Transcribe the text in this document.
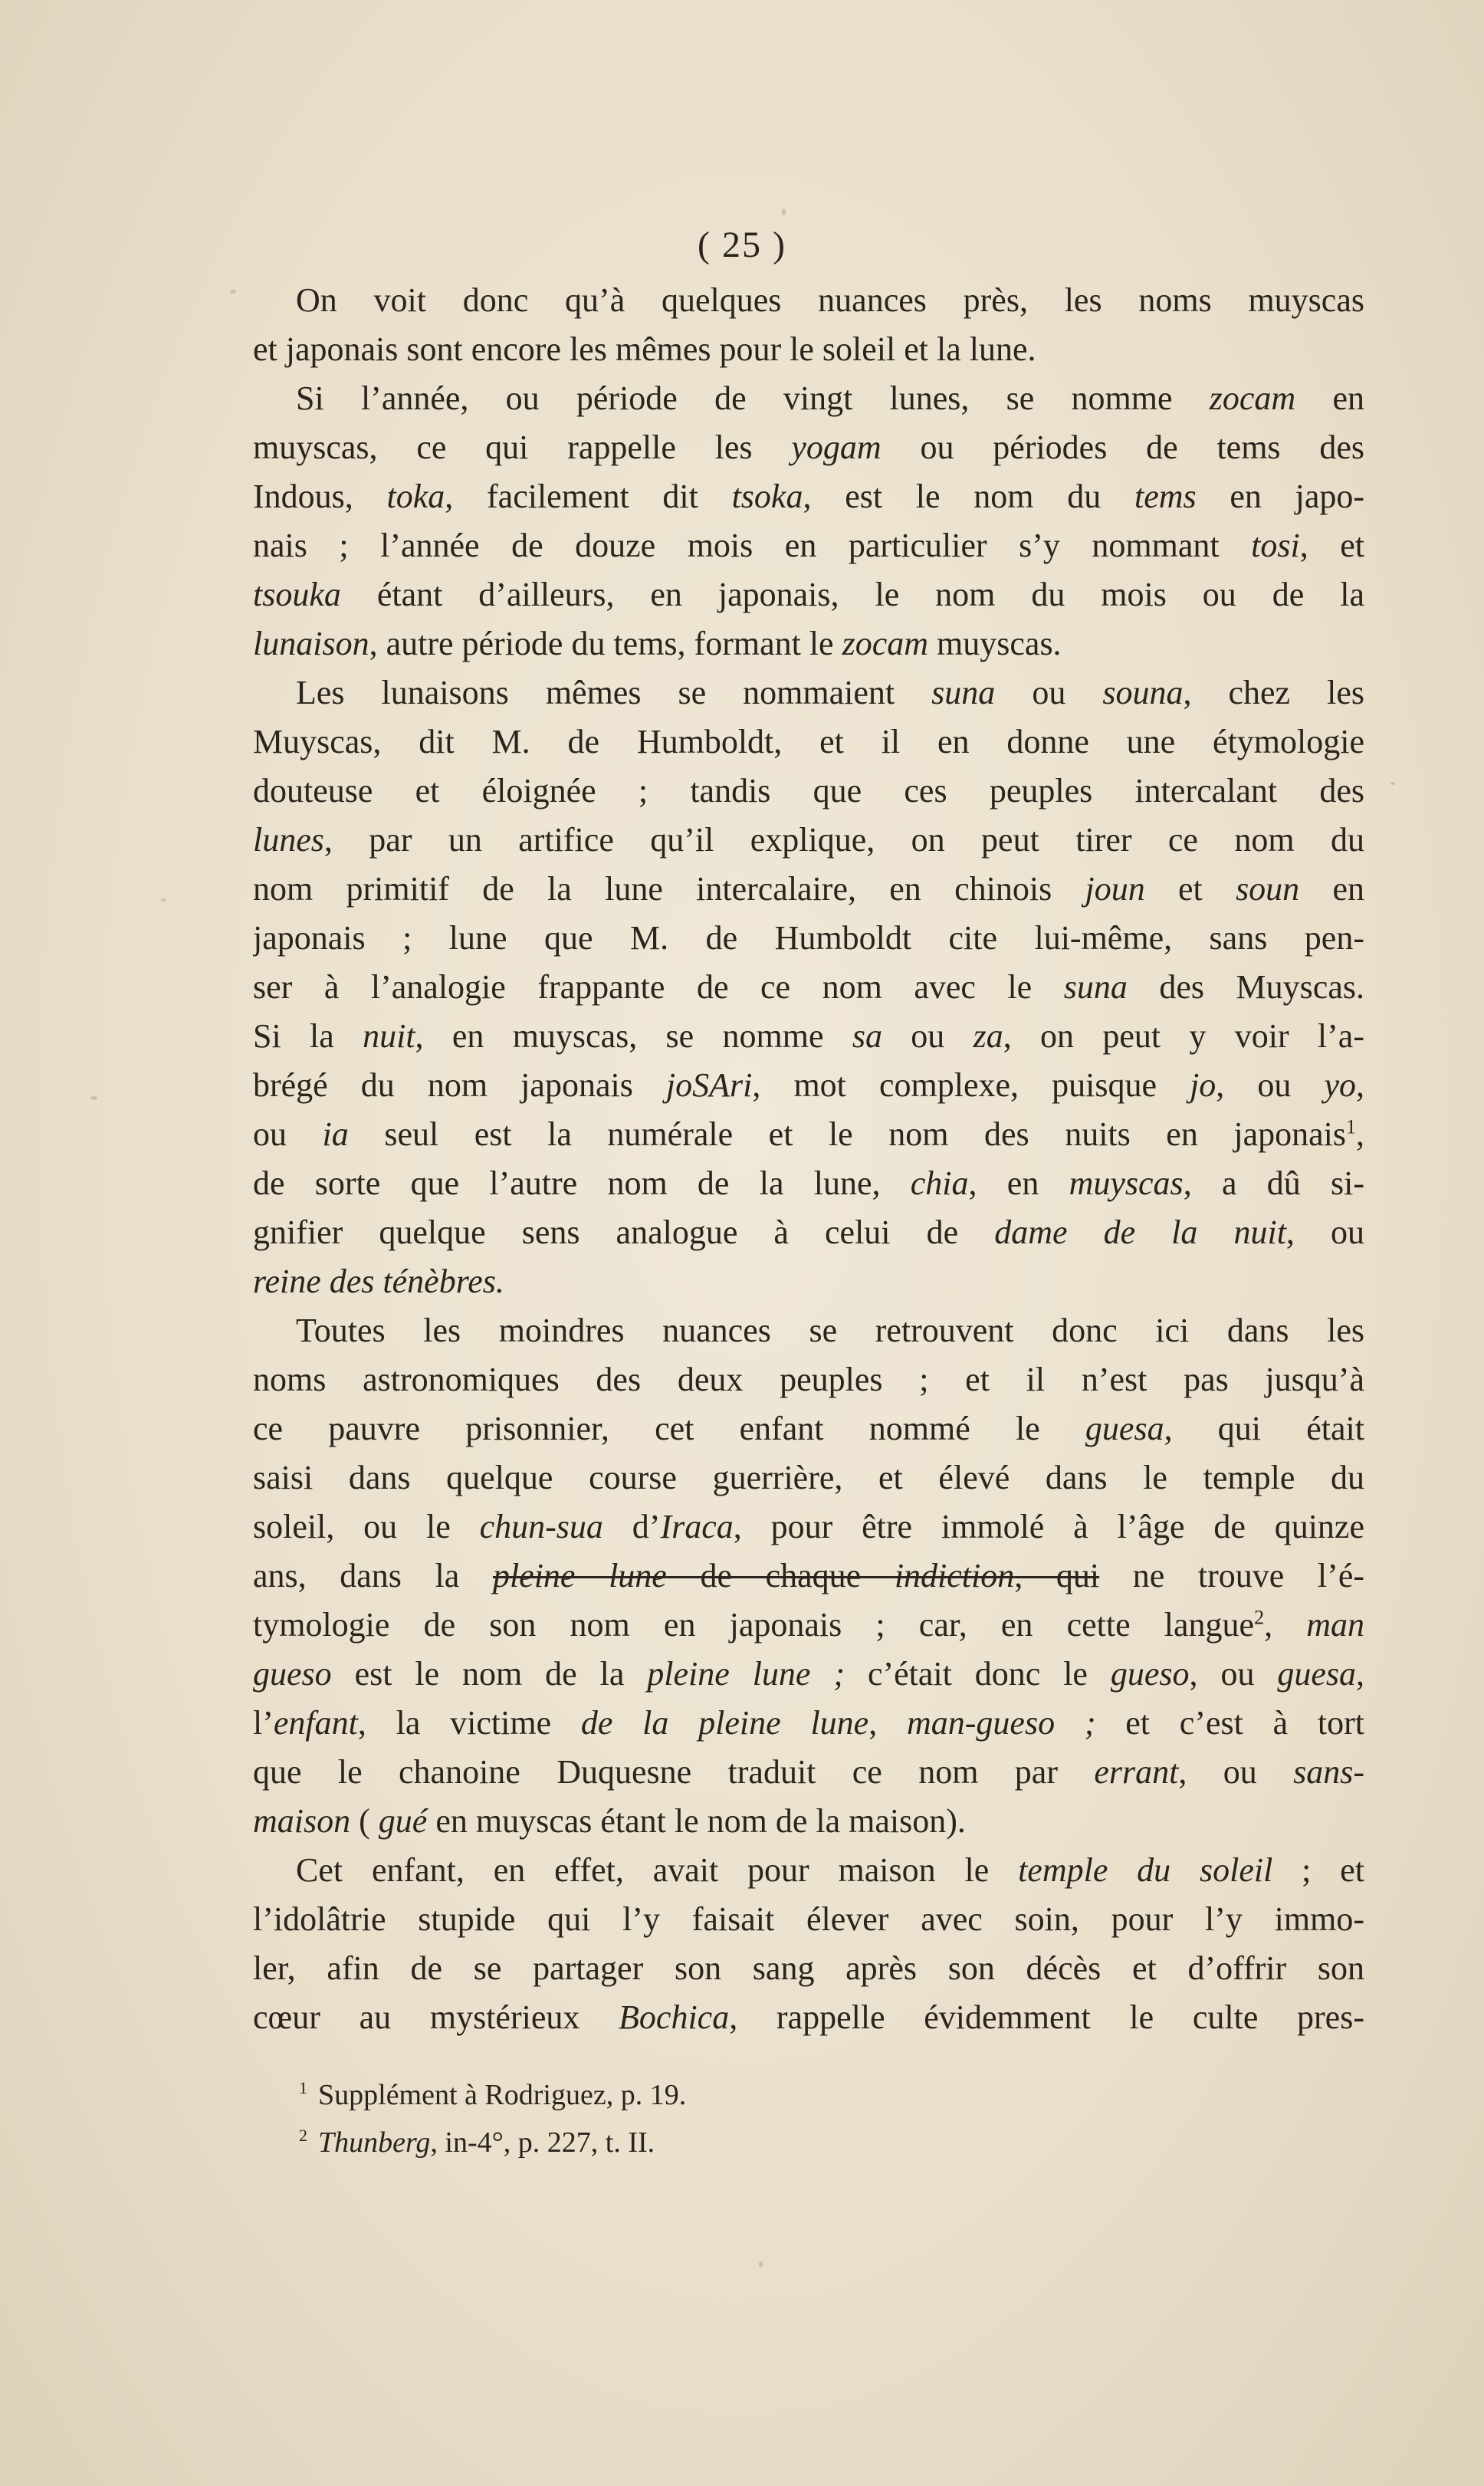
( 25 )
On voit donc qu’à quelques nuances près, les noms muyscas
et japonais sont encore les mêmes pour le soleil et la lune.
Si l’année, ou période de vingt lunes, se nomme zocam en
muyscas, ce qui rappelle les yogam ou périodes de tems des
Indous, toka, facilement dit tsoka, est le nom du tems en japo-
nais ; l’année de douze mois en particulier s’y nommant tosi, et
tsouka étant d’ailleurs, en japonais, le nom du mois ou de la
lunaison, autre période du tems, formant le zocam muyscas.
Les lunaisons mêmes se nommaient suna ou souna, chez les
Muyscas, dit M. de Humboldt, et il en donne une étymologie
douteuse et éloignée ; tandis que ces peuples intercalant des
lunes, par un artifice qu’il explique, on peut tirer ce nom du
nom primitif de la lune intercalaire, en chinois joun et soun en
japonais ; lune que M. de Humboldt cite lui-même, sans pen-
ser à l’analogie frappante de ce nom avec le suna des Muyscas.
Si la nuit, en muyscas, se nomme sa ou za, on peut y voir l’a-
brégé du nom japonais joSAri, mot complexe, puisque jo, ou yo,
ou ia seul est la numérale et le nom des nuits en japonais$^1$,
de sorte que l’autre nom de la lune, chia, en muyscas, a dû si-
gnifier quelque sens analogue à celui de dame de la nuit, ou
reine des ténèbres.
Toutes les moindres nuances se retrouvent donc ici dans les
noms astronomiques des deux peuples ; et il n’est pas jusqu’à
ce pauvre prisonnier, cet enfant nommé le guesa, qui était
saisi dans quelque course guerrière, et élevé dans le temple du
soleil, ou le chun-sua d’Iraca, pour être immolé à l’âge de quinze
ans, dans la pleine lune de chaque indiction, qui ne trouve l’é-
tymologie de son nom en japonais ; car, en cette langue$^2$, man
gueso est le nom de la pleine lune ; c’était donc le gueso, ou guesa,
l’enfant, la victime de la pleine lune, man-gueso ; et c’est à tort
que le chanoine Duquesne traduit ce nom par errant, ou sans-
maison ( gué en muyscas étant le nom de la maison).
Cet enfant, en effet, avait pour maison le temple du soleil ; et
l’idolâtrie stupide qui l’y faisait élever avec soin, pour l’y immo-
ler, afin de se partager son sang après son décès et d’offrir son
cœur au mystérieux Bochica, rappelle évidemment le culte pres-
$^1$ Supplément à Rodriguez, p. 19.
$^2$ Thunberg, in-4°, p. 227, t. II.
